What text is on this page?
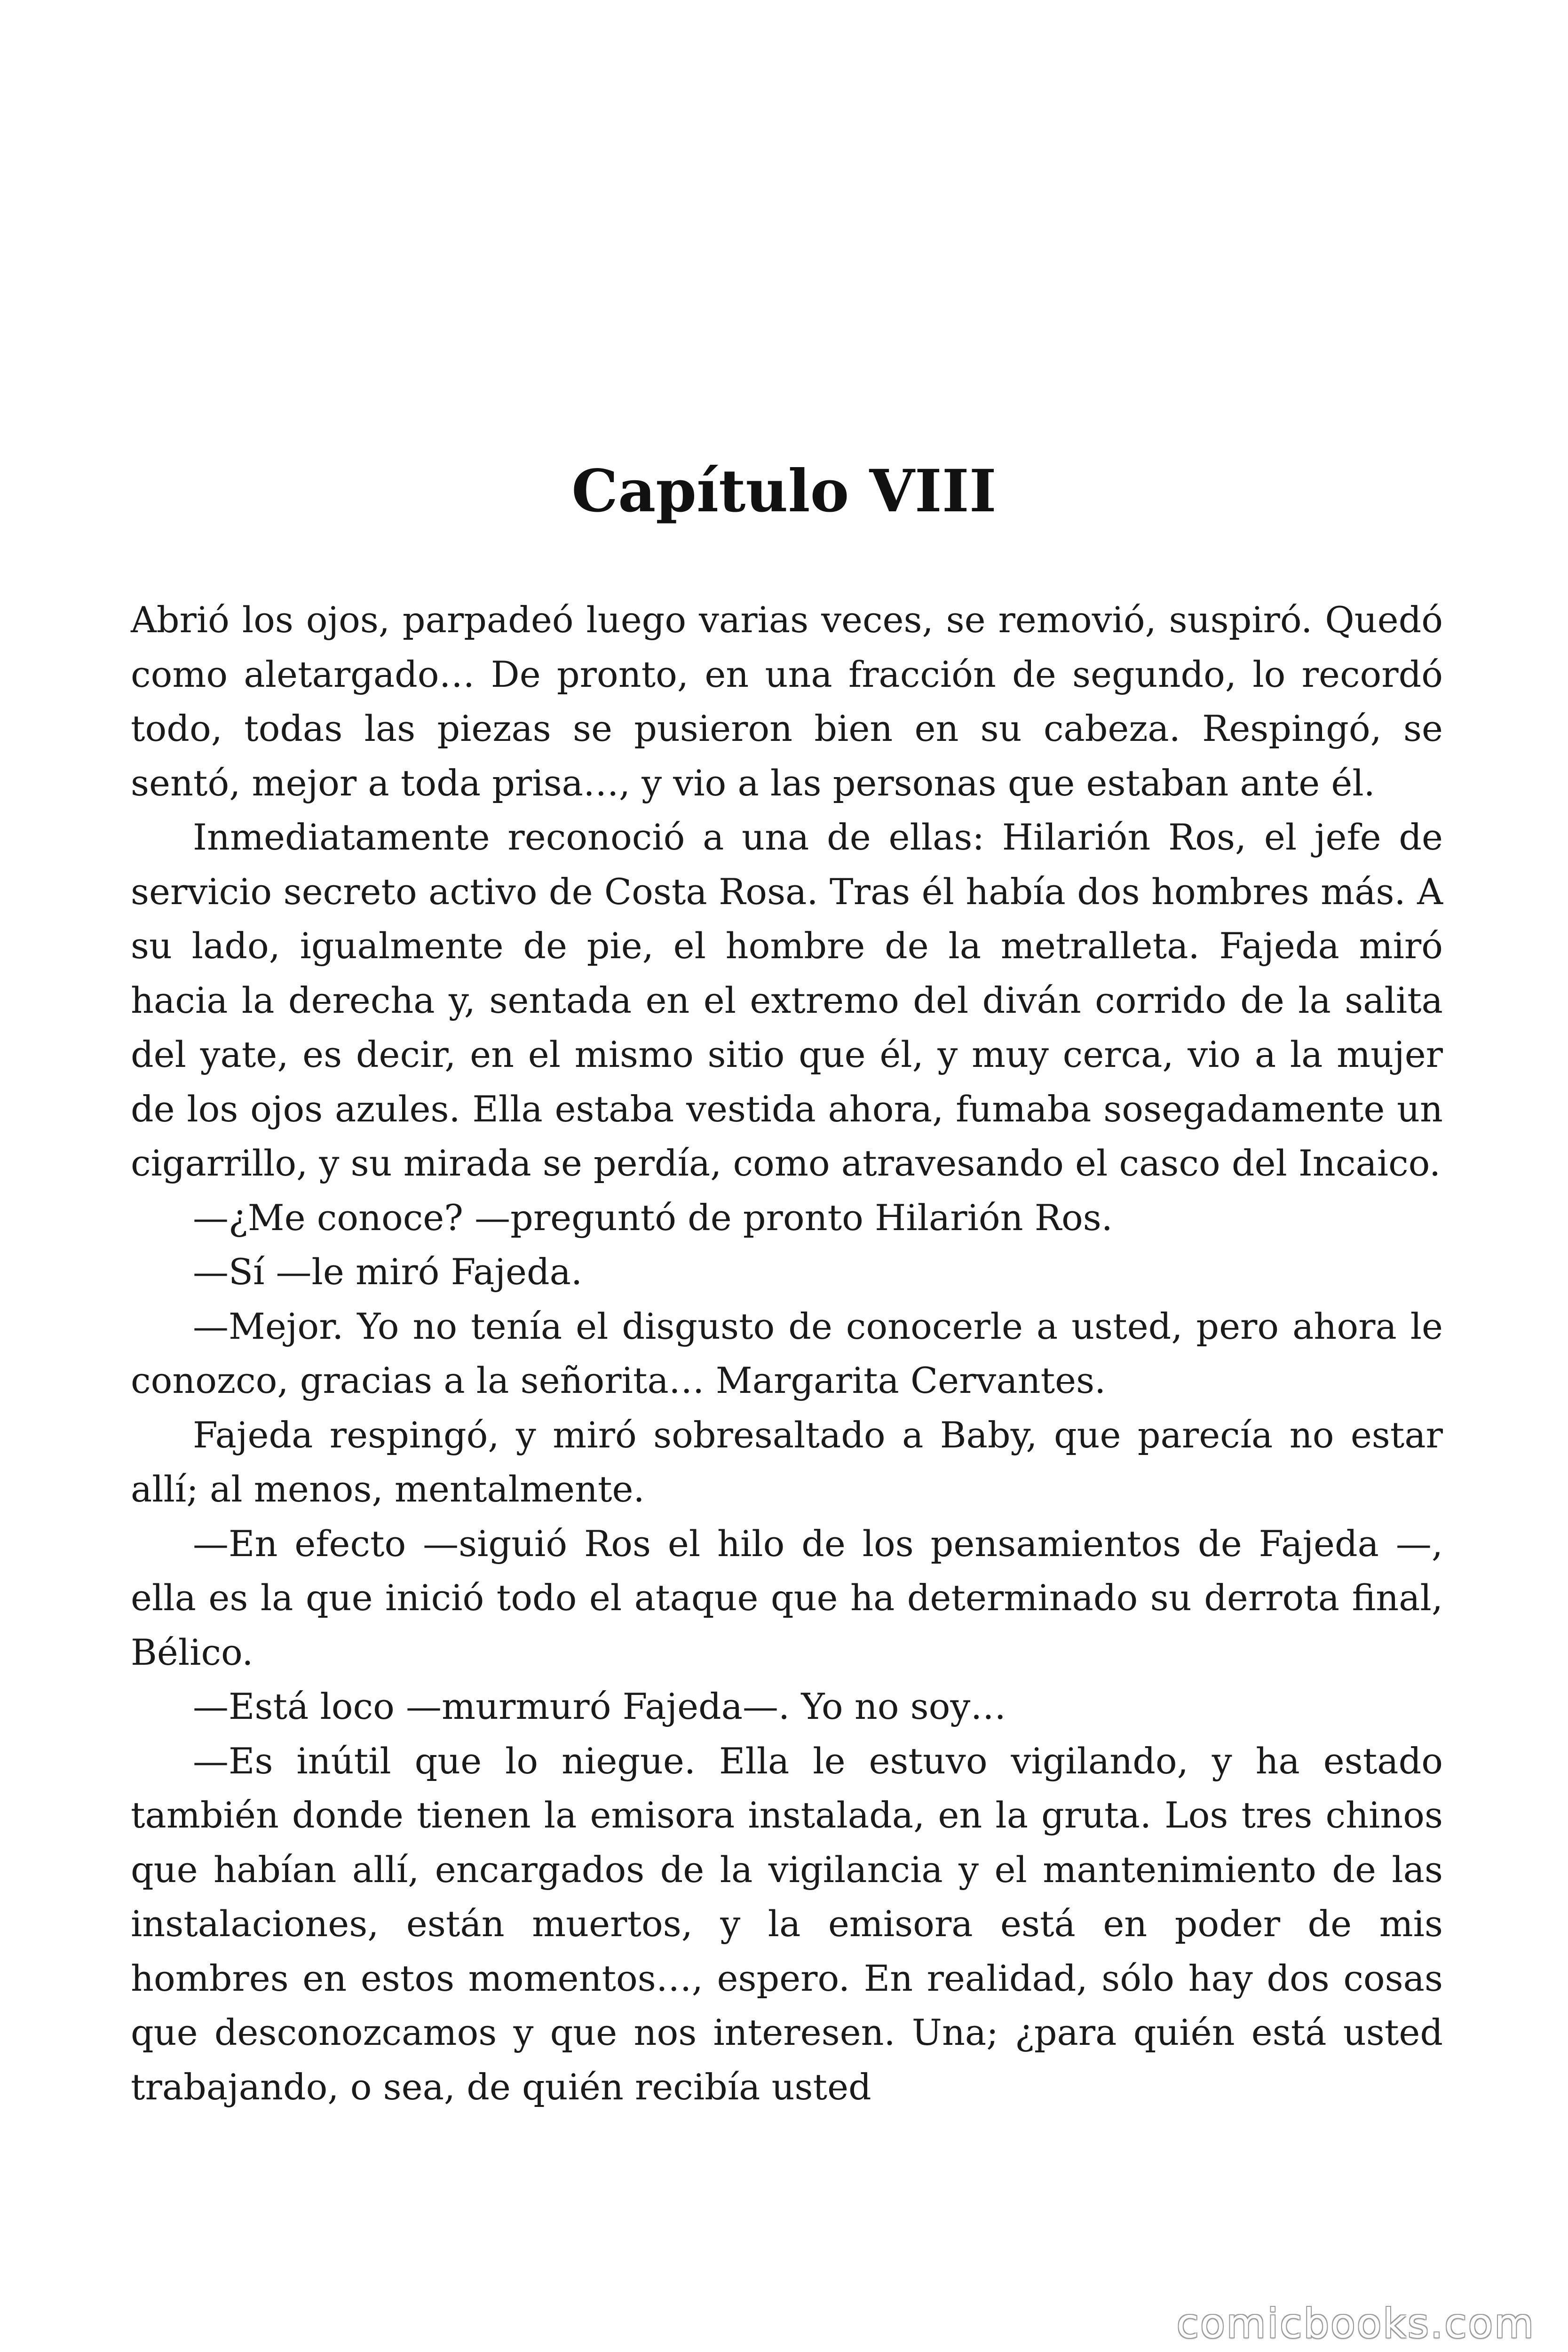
Capítulo VIII

Abrió los ojos, parpadeó luego varias veces, se removió, suspiró. Quedó como aletargado… De pronto, en una fracción de segundo, lo recordó todo, todas las piezas se pusieron bien en su cabeza. Respingó, se sentó, mejor a toda prisa…, y vio a las personas que estaban ante él.

Inmediatamente reconoció a una de ellas: Hilarión Ros, el jefe de servicio secreto activo de Costa Rosa. Tras él había dos hombres más. A su lado, igualmente de pie, el hombre de la metralleta. Fajeda miró hacia la derecha y, sentada en el extremo del diván corrido de la salita del yate, es decir, en el mismo sitio que él, y muy cerca, vio a la mujer de los ojos azules. Ella estaba vestida ahora, fumaba sosegadamente un cigarrillo, y su mirada se perdía, como atravesando el casco del Incaico.

—¿Me conoce? —preguntó de pronto Hilarión Ros.

—Sí —le miró Fajeda.

—Mejor. Yo no tenía el disgusto de conocerle a usted, pero ahora le conozco, gracias a la señorita… Margarita Cervantes.

Fajeda respingó, y miró sobresaltado a Baby, que parecía no estar allí; al menos, mentalmente.

—En efecto —siguió Ros el hilo de los pensamientos de Fajeda —, ella es la que inició todo el ataque que ha determinado su derrota final, Bélico.

—Está loco —murmuró Fajeda—. Yo no soy…

—Es inútil que lo niegue. Ella le estuvo vigilando, y ha estado también donde tienen la emisora instalada, en la gruta. Los tres chinos que habían allí, encargados de la vigilancia y el mantenimiento de las instalaciones, están muertos, y la emisora está en poder de mis hombres en estos momentos…, espero. En realidad, sólo hay dos cosas que desconozcamos y que nos interesen. Una; ¿para quién está usted trabajando, o sea, de quién recibía usted

comicbooks.com
